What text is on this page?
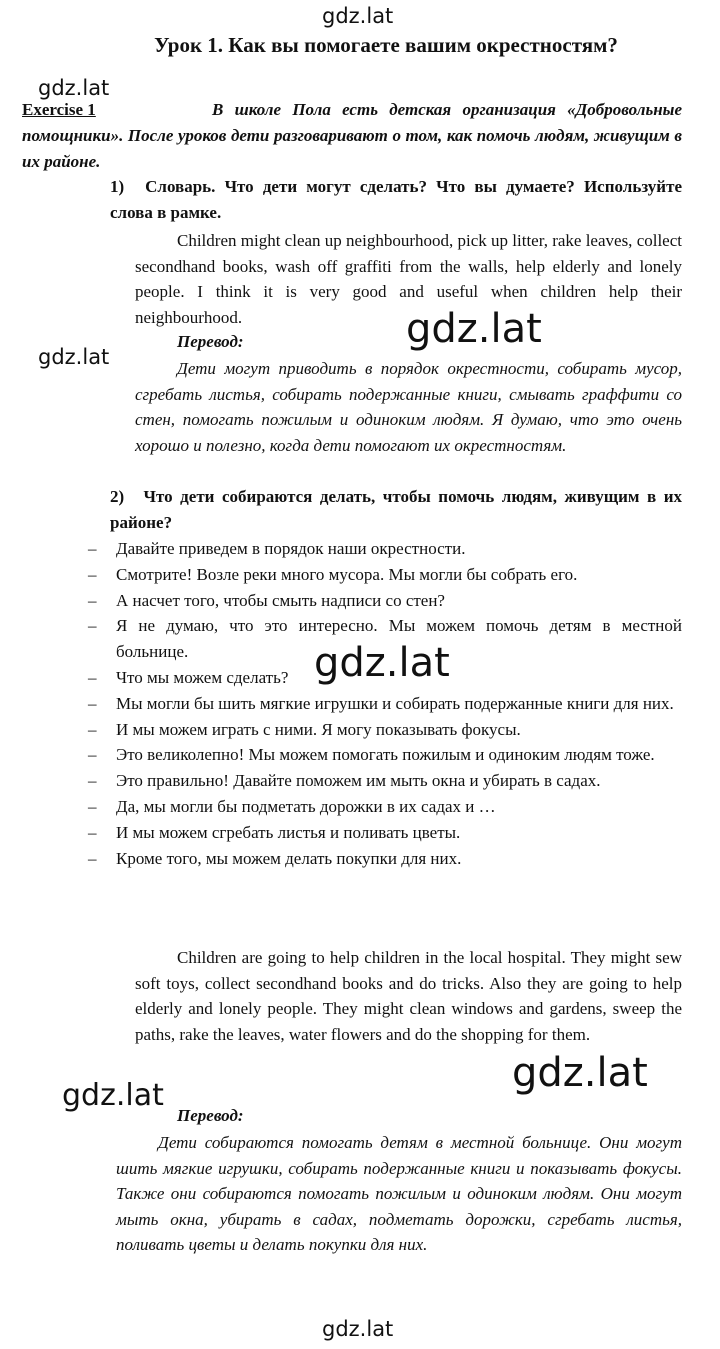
gdz.lat
gdz.lat
gdz.lat
gdz.lat
gdz.lat
gdz.lat
gdz.lat
gdz.lat
Урок 1. Как вы помогаете вашим окрестностям?
Exercise 1	В школе Пола есть детская организация «Добровольные помощники». После уроков дети разговаривают о том, как помочь людям, живущим в их районе.
1) Словарь. Что дети могут сделать? Что вы думаете? Используйте слова в рамке.

Children might clean up neighbourhood, pick up litter, rake leaves, collect secondhand books, wash off graffiti from the walls, help elderly and lonely people. I think it is very good and useful when children help their neighbourhood.

Перевод:

Дети могут приводить в порядок окрестности, собирать мусор, сгребать листья, собирать подержанные книги, смывать граффити со стен, помогать пожилым и одиноким людям. Я думаю, что это очень хорошо и полезно, когда дети помогают их окрестностям.

2) Что дети собираются делать, чтобы помочь людям, живущим в их районе?
– Давайте приведем в порядок наши окрестности.
– Смотрите! Возле реки много мусора. Мы могли бы собрать его.
– А насчет того, чтобы смыть надписи со стен?
– Я не думаю, что это интересно. Мы можем помочь детям в местной больнице.
– Что мы можем сделать?
– Мы могли бы шить мягкие игрушки и собирать подержанные книги для них.
– И мы можем играть с ними. Я могу показывать фокусы.
– Это великолепно! Мы можем помогать пожилым и одиноким людям тоже.
– Это правильно! Давайте поможем им мыть окна и убирать в садах.
– Да, мы могли бы подметать дорожки в их садах и …
– И мы можем сгребать листья и поливать цветы.
– Кроме того, мы можем делать покупки для них.

Children are going to help children in the local hospital. They might sew soft toys, collect secondhand books and do tricks. Also they are going to help elderly and lonely people. They might clean windows and gardens, sweep the paths, rake the leaves, water flowers and do the shopping for them.

Перевод:

Дети собираются помогать детям в местной больнице. Они могут шить мягкие игрушки, собирать подержанные книги и показывать фокусы. Также они собираются помогать пожилым и одиноким людям. Они могут мыть окна, убирать в садах, подметать дорожки, сгребать листья, поливать цветы и делать покупки для них.
